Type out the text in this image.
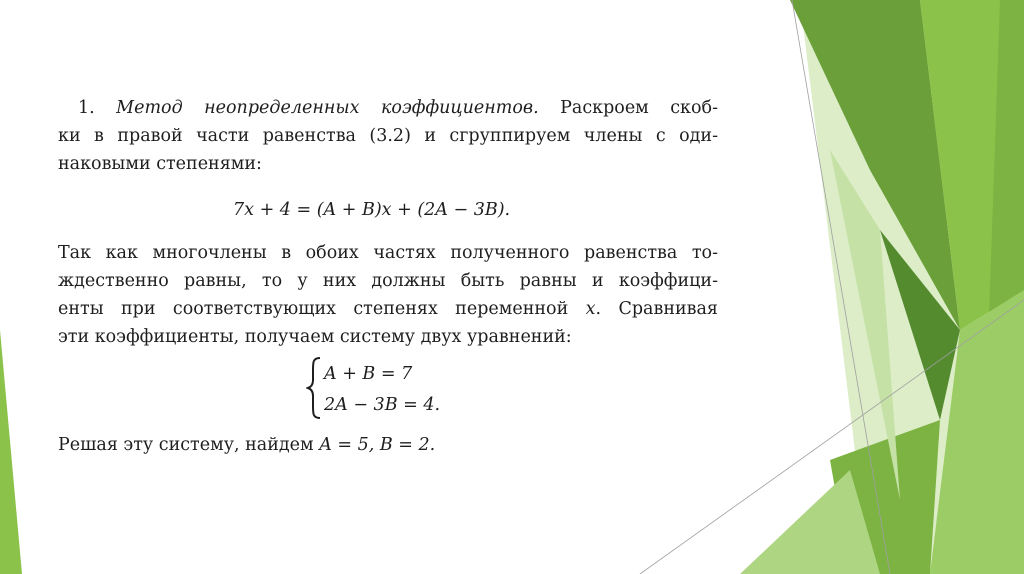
1. Метод неопределенных коэффициентов. Раскроем скоб-
ки в правой части равенства (3.2) и сгруппируем члены с оди-
наковыми степенями:
7x + 4 = (A + B)x + (2A − 3B).
Так как многочлены в обоих частях полученного равенства то-
ждественно равны, то у них должны быть равны и коэффици-
енты при соответствующих степенях переменной x. Сравнивая
эти коэффициенты, получаем систему двух уравнений:
A + B = 7
2A − 3B = 4.
Решая эту систему, найдем A = 5, B = 2.
